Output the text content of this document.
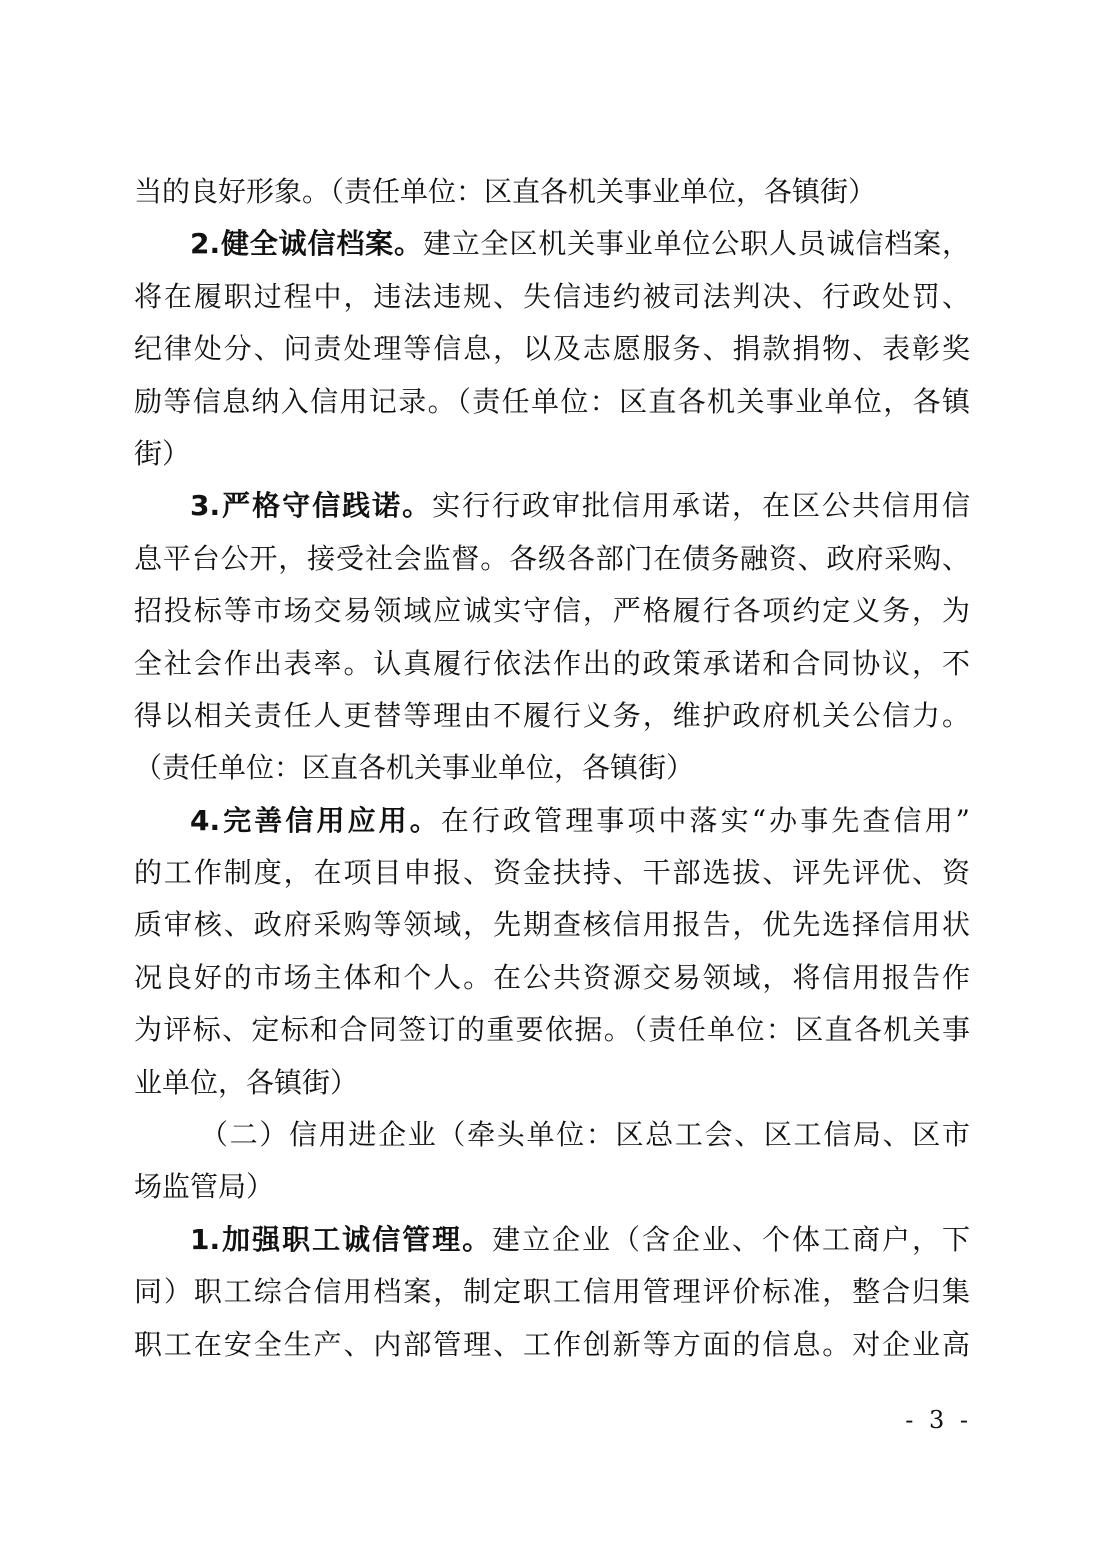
当的良好形象。（责任单位：区直各机关事业单位，各镇街）
2.健全诚信档案。建立全区机关事业单位公职人员诚信档案，
将在履职过程中，违法违规、失信违约被司法判决、行政处罚、
纪律处分、问责处理等信息，以及志愿服务、捐款捐物、表彰奖
励等信息纳入信用记录。（责任单位：区直各机关事业单位，各镇
街）
3.严格守信践诺。实行行政审批信用承诺，在区公共信用信
息平台公开，接受社会监督。各级各部门在债务融资、政府采购、
招投标等市场交易领域应诚实守信，严格履行各项约定义务，为
全社会作出表率。认真履行依法作出的政策承诺和合同协议，不
得以相关责任人更替等理由不履行义务，维护政府机关公信力。
（责任单位：区直各机关事业单位，各镇街）
4.完善信用应用。在行政管理事项中落实“办事先查信用”
的工作制度，在项目申报、资金扶持、干部选拔、评先评优、资
质审核、政府采购等领域，先期查核信用报告，优先选择信用状
况良好的市场主体和个人。在公共资源交易领域，将信用报告作
为评标、定标和合同签订的重要依据。（责任单位：区直各机关事
业单位，各镇街）
（二）信用进企业（牵头单位：区总工会、区工信局、区市
场监管局）
1.加强职工诚信管理。建立企业（含企业、个体工商户，下
同）职工综合信用档案，制定职工信用管理评价标准，整合归集
职工在安全生产、内部管理、工作创新等方面的信息。对企业高
- 3 -
